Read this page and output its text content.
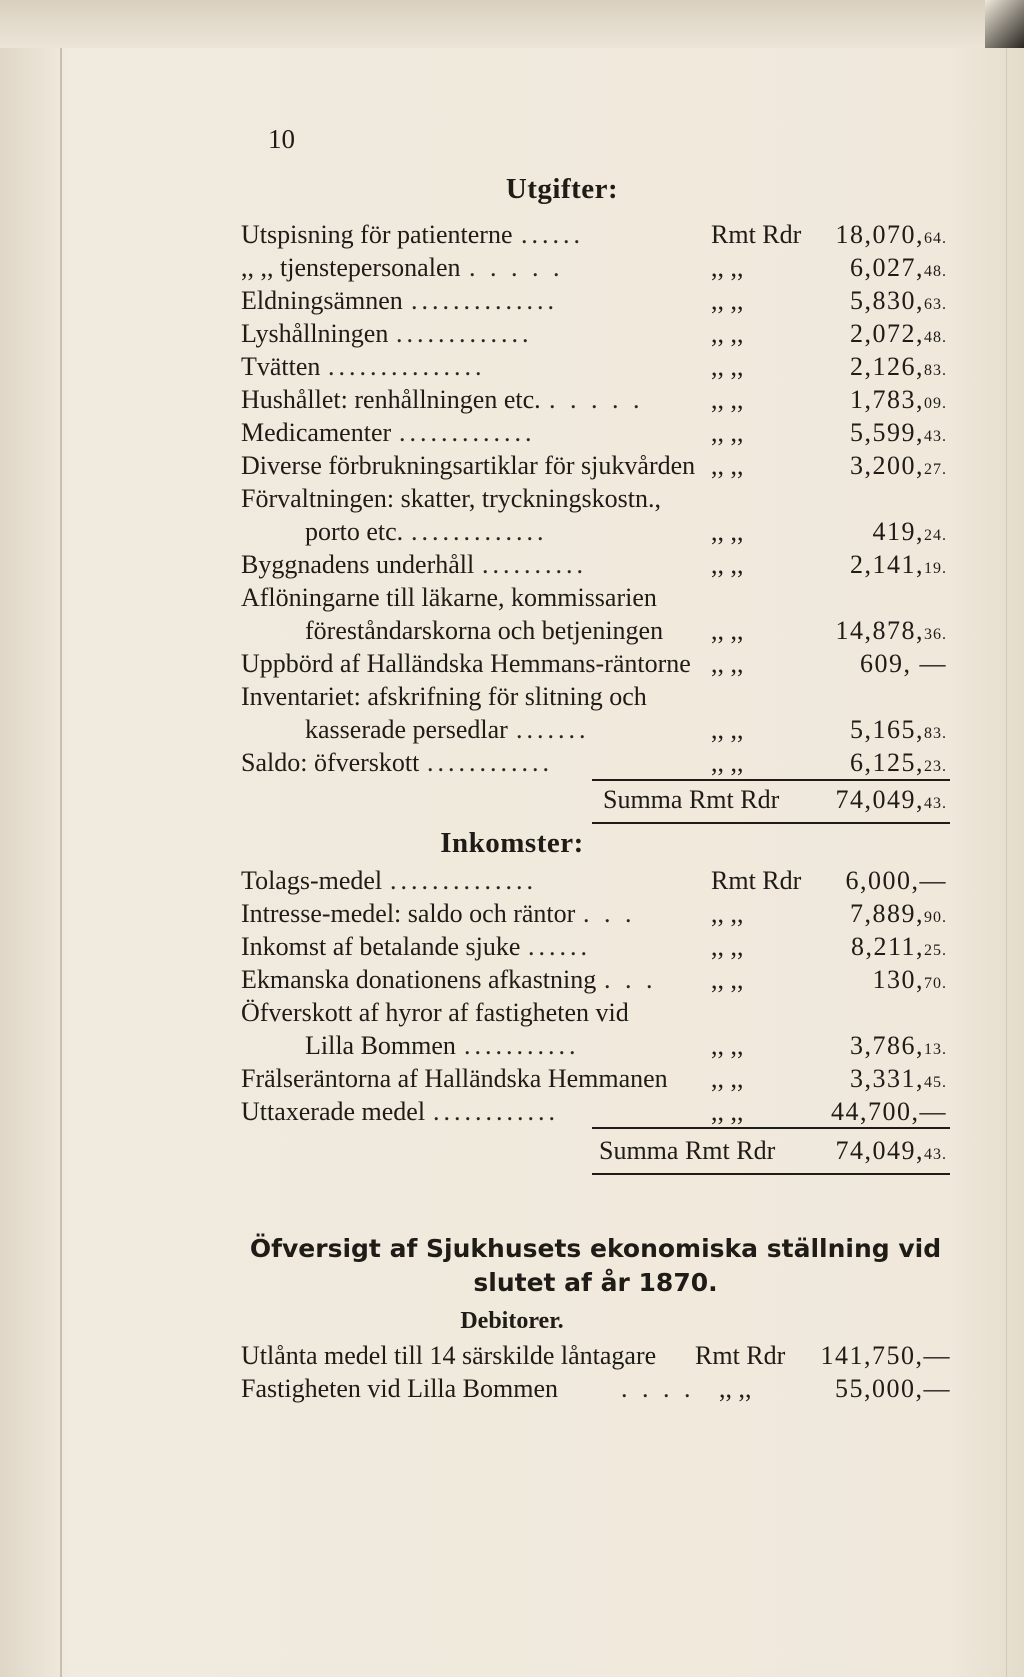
10
Utgifter:
Utspisning för patienterne ......	Rmt Rdr 18,070,64.
,, ,, tjenstepersonalen . . . . .	,, ,,	6,027,48.
Eldningsämnen ..............	,, ,,	5,830,63.
Lyshållningen .............	,, ,,	2,072,48.
Tvätten ...............	,, ,,	2,126,83.
Hushållet: renhållningen etc. . . . . .	,, ,,	1,783,09.
Medicamenter .............	,, ,,	5,599,43.
Diverse förbrukningsartiklar för sjukvården ,, ,,	3,200,27.
Förvaltningen: skatter, tryckningskostn.,
porto etc. .............	,, ,,	419,24.
Byggnadens underhåll ..........	,, ,,	2,141,19.
Aflöningarne till läkarne, kommissarien
föreståndarskorna och betjeningen ,, ,,	14,878,36.
Uppbörd af Halländska Hemmans-räntorne ,, ,,	609, —
Inventariet: afskrifning för slitning och
kasserade persedlar .......	,, ,,	5,165,83.
Saldo: öfverskott ............	,, ,,	6,125,23.
Summa Rmt Rdr 74,049,43.
Inkomster:
Tolags-medel ..............	Rmt Rdr 6,000,—
Intresse-medel: saldo och räntor . . .	,, ,,	7,889,90.
Inkomst af betalande sjuke ......	,, ,,	8,211,25.
Ekmanska donationens afkastning . . . ,, ,,	130,70.
Öfverskott af hyror af fastigheten vid
Lilla Bommen ...........	,, ,,	3,786,13.
Frälseräntorna af Halländska Hemmanen ,, ,,	3,331,45.
Uttaxerade medel ............	,, ,,	44,700,—
Summa Rmt Rdr 74,049,43.
Öfversigt af Sjukhusets ekonomiska ställning vid
slutet af år 1870.
Debitorer.
Utlånta medel till 14 särskilde låntagare Rmt Rdr 141,750,—
Fastigheten vid Lilla Bommen . . . . ,, ,,	55,000,—
